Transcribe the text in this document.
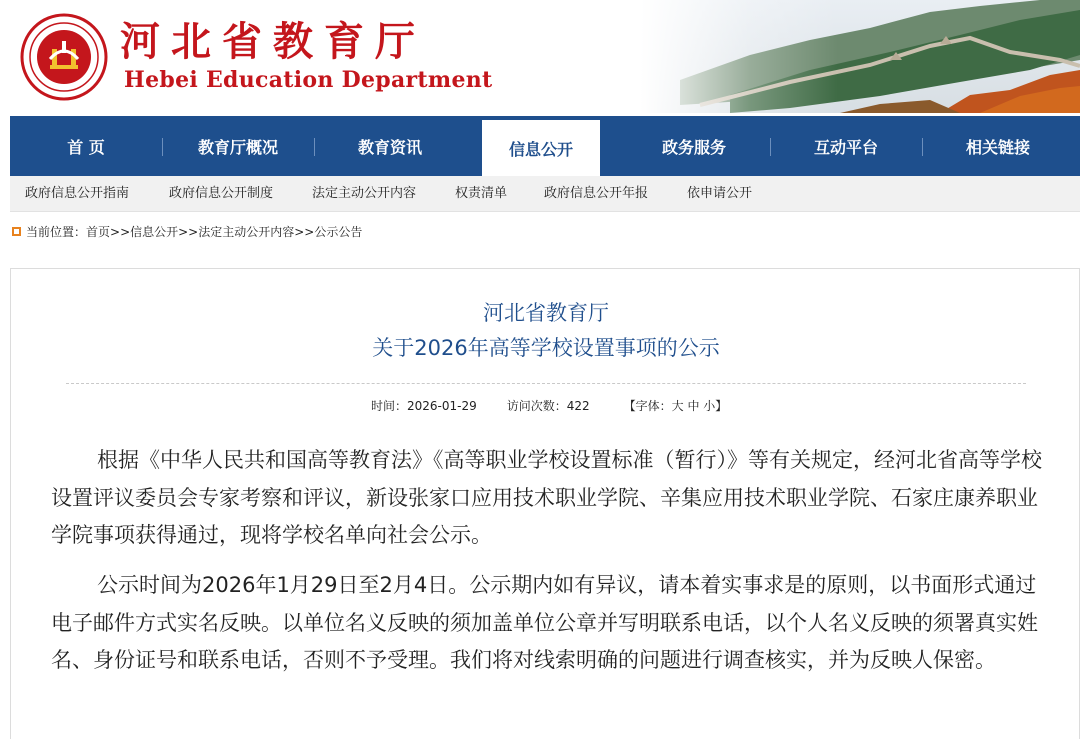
河北省教育厅
Hebei Education Department
首 页	教育厅概况	教育资讯	信息公开	政务服务	互动平台	相关链接
政府信息公开指南	政府信息公开制度	法定主动公开内容	权责清单	政府信息公开年报	依申请公开
当前位置： 首页>>信息公开>>法定主动公开内容>>公示公告
河北省教育厅
关于2026年高等学校设置事项的公示
时间：2026-01-29	访问次数：422	【字体：大 中 小】
根据《中华人民共和国高等教育法》《高等职业学校设置标准（暂行）》等有关规定，经河北省高等学校设置评议委员会专家考察和评议，新设张家口应用技术职业学院、辛集应用技术职业学院、石家庄康养职业学院事项获得通过，现将学校名单向社会公示。
公示时间为2026年1月29日至2月4日。公示期内如有异议，请本着实事求是的原则，以书面形式通过电子邮件方式实名反映。以单位名义反映的须加盖单位公章并写明联系电话，以个人名义反映的须署真实姓名、身份证号和联系电话，否则不予受理。我们将对线索明确的问题进行调查核实，并为反映人保密。
